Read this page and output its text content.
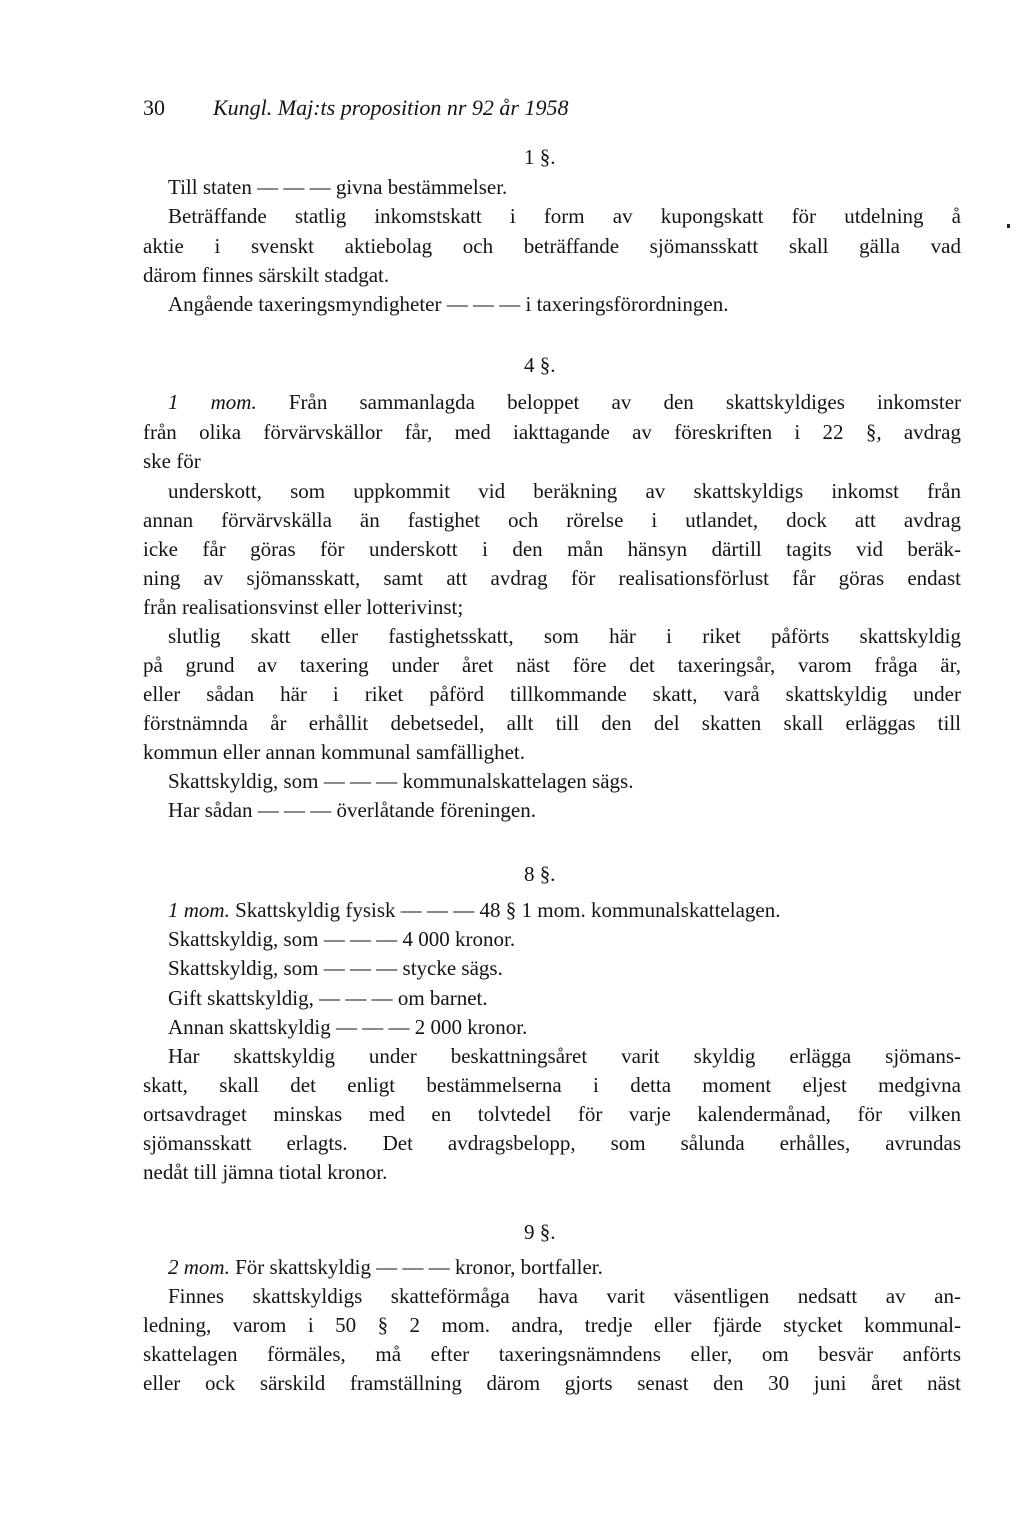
30 Kungl. Maj:ts proposition nr 92 år 1958
1 §.
Till staten — — — givna bestämmelser.
Beträffande statlig inkomstskatt i form av kupongskatt för utdelning å
aktie i svenskt aktiebolag och beträffande sjömansskatt skall gälla vad
därom finnes särskilt stadgat.
Angående taxeringsmyndigheter — — — i taxeringsförordningen.
4 §.
1 mom. Från sammanlagda beloppet av den skattskyldiges inkomster
från olika förvärvskällor får, med iakttagande av föreskriften i 22 §, avdrag
ske för
underskott, som uppkommit vid beräkning av skattskyldigs inkomst från
annan förvärvskälla än fastighet och rörelse i utlandet, dock att avdrag
icke får göras för underskott i den mån hänsyn därtill tagits vid beräk-
ning av sjömansskatt, samt att avdrag för realisationsförlust får göras endast
från realisationsvinst eller lotterivinst;
slutlig skatt eller fastighetsskatt, som här i riket påförts skattskyldig
på grund av taxering under året näst före det taxeringsår, varom fråga är,
eller sådan här i riket påförd tillkommande skatt, varå skattskyldig under
förstnämnda år erhållit debetsedel, allt till den del skatten skall erläggas till
kommun eller annan kommunal samfällighet.
Skattskyldig, som — — — kommunalskattelagen sägs.
Har sådan — — — överlåtande föreningen.
8 §.
1 mom. Skattskyldig fysisk — — — 48 § 1 mom. kommunalskattelagen.
Skattskyldig, som — — — 4 000 kronor.
Skattskyldig, som — — — stycke sägs.
Gift skattskyldig, — — — om barnet.
Annan skattskyldig — — — 2 000 kronor.
Har skattskyldig under beskattningsåret varit skyldig erlägga sjömans-
skatt, skall det enligt bestämmelserna i detta moment eljest medgivna
ortsavdraget minskas med en tolvtedel för varje kalendermånad, för vilken
sjömansskatt erlagts. Det avdragsbelopp, som sålunda erhålles, avrundas
nedåt till jämna tiotal kronor.
9 §.
2 mom. För skattskyldig — — — kronor, bortfaller.
Finnes skattskyldigs skatteförmåga hava varit väsentligen nedsatt av an-
ledning, varom i 50 § 2 mom. andra, tredje eller fjärde stycket kommunal-
skattelagen förmäles, må efter taxeringsnämndens eller, om besvär anförts
eller ock särskild framställning därom gjorts senast den 30 juni året näst
